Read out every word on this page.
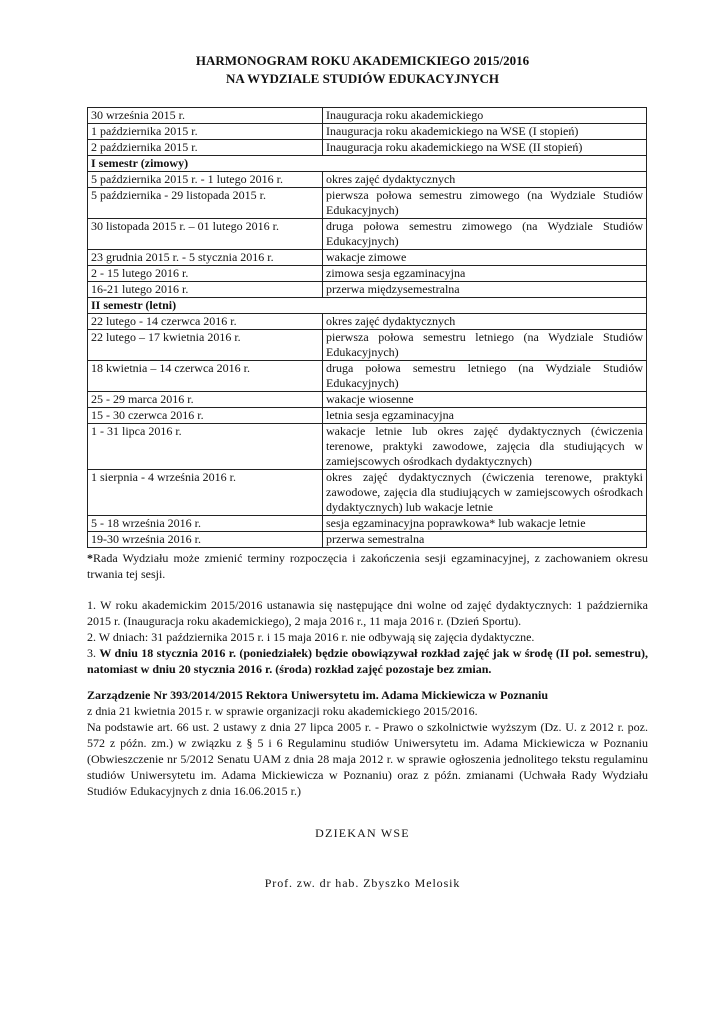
HARMONOGRAM ROKU AKADEMICKIEGO 2015/2016
NA WYDZIALE STUDIÓW EDUKACYJNYCH
30 września 2015 r.	Inauguracja roku akademickiego
1 października 2015 r.	Inauguracja roku akademickiego na WSE (I stopień)
2 października 2015 r.	Inauguracja roku akademickiego na WSE (II stopień)
I semestr (zimowy)	
5 października 2015 r. - 1 lutego 2016 r.	okres zajęć dydaktycznych
5 października - 29 listopada 2015 r.	pierwsza połowa semestru zimowego (na Wydziale Studiów Edukacyjnych)
30 listopada 2015 r. – 01 lutego 2016 r.	druga połowa semestru zimowego (na Wydziale Studiów Edukacyjnych)
23 grudnia 2015 r. - 5 stycznia 2016 r.	wakacje zimowe
2 - 15 lutego 2016 r.	zimowa sesja egzaminacyjna
16-21 lutego 2016 r.	przerwa międzysemestralna
II semestr (letni)	
22 lutego - 14 czerwca 2016 r.	okres zajęć dydaktycznych
22 lutego – 17 kwietnia 2016 r.	pierwsza połowa semestru letniego (na Wydziale Studiów Edukacyjnych)
18 kwietnia – 14 czerwca 2016 r.	druga połowa semestru letniego (na Wydziale Studiów Edukacyjnych)
25 - 29 marca 2016 r.	wakacje wiosenne
15 - 30 czerwca 2016 r.	letnia sesja egzaminacyjna
1 - 31 lipca 2016 r.	wakacje letnie lub okres zajęć dydaktycznych (ćwiczenia terenowe, praktyki zawodowe, zajęcia dla studiujących w zamiejscowych ośrodkach dydaktycznych)
1 sierpnia - 4 września 2016 r.	okres zajęć dydaktycznych (ćwiczenia terenowe, praktyki zawodowe, zajęcia dla studiujących w zamiejscowych ośrodkach dydaktycznych) lub wakacje letnie
5 - 18 września 2016 r.	sesja egzaminacyjna poprawkowa* lub wakacje letnie
19-30 września 2016 r.	przerwa semestralna

*Rada Wydziału może zmienić terminy rozpoczęcia i zakończenia sesji egzaminacyjnej, z zachowaniem okresu trwania tej sesji.

1. W roku akademickim 2015/2016 ustanawia się następujące dni wolne od zajęć dydaktycznych: 1 października 2015 r. (Inauguracja roku akademickiego), 2 maja 2016 r., 11 maja 2016 r. (Dzień Sportu).

2. W dniach: 31 października 2015 r. i 15 maja 2016 r. nie odbywają się zajęcia dydaktyczne.

3. W dniu 18 stycznia 2016 r. (poniedziałek) będzie obowiązywał rozkład zajęć jak w środę (II poł. semestru), natomiast w dniu 20 stycznia 2016 r. (środa) rozkład zajęć pozostaje bez zmian.

Zarządzenie Nr 393/2014/2015 Rektora Uniwersytetu im. Adama Mickiewicza w Poznaniu

z dnia 21 kwietnia 2015 r. w sprawie organizacji roku akademickiego 2015/2016.

Na podstawie art. 66 ust. 2 ustawy z dnia 27 lipca 2005 r. - Prawo o szkolnictwie wyższym (Dz. U. z 2012 r. poz. 572 z późn. zm.) w związku z § 5 i 6 Regulaminu studiów Uniwersytetu im. Adama Mickiewicza w Poznaniu (Obwieszczenie nr 5/2012 Senatu UAM z dnia 28 maja 2012 r. w sprawie ogłoszenia jednolitego tekstu regulaminu studiów Uniwersytetu im. Adama Mickiewicza w Poznaniu) oraz z późn. zmianami (Uchwała Rady Wydziału Studiów Edukacyjnych z dnia 16.06.2015 r.)

DZIEKAN WSE
Prof. zw. dr hab. Zbyszko Melosik
